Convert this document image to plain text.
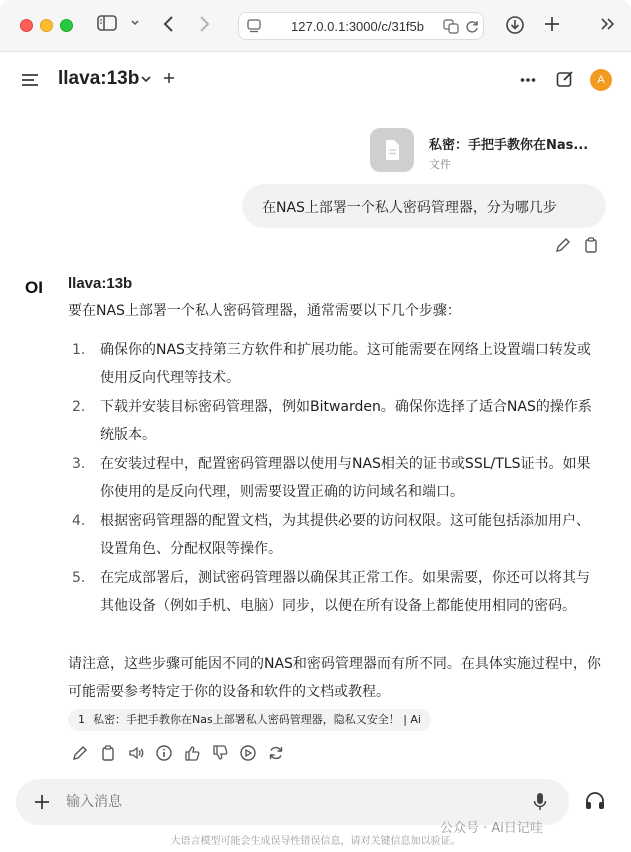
127.0.0.1:3000/c/31f5b
llava:13b	A
私密：手把手教你在Nas...
文件
在NAS上部署一个私人密码管理器，分为哪几步
OI llava:13b
要在NAS上部署一个私人密码管理器，通常需要以下几个步骤：
1. 确保你的NAS支持第三方软件和扩展功能。这可能需要在网络上设置端口转发或使用反向代理等技术。
2. 下载并安装目标密码管理器，例如Bitwarden。确保你选择了适合NAS的操作系统版本。
3. 在安装过程中，配置密码管理器以使用与NAS相关的证书或SSL/TLS证书。如果你使用的是反向代理，则需要设置正确的访问域名和端口。
4. 根据密码管理器的配置文档，为其提供必要的访问权限。这可能包括添加用户、设置角色、分配权限等操作。
5. 在完成部署后，测试密码管理器以确保其正常工作。如果需要，你还可以将其与其他设备（例如手机、电脑）同步，以便在所有设备上都能使用相同的密码。
请注意，这些步骤可能因不同的NAS和密码管理器而有所不同。在具体实施过程中，你可能需要参考特定于你的设备和软件的文档或教程。
1 私密：手把手教你在Nas上部署私人密码管理器，隐私又安全！ | Ai
输入消息
大语言模型可能会生成误导性错误信息，请对关键信息加以验证。
公众号 · Ai日记哇
